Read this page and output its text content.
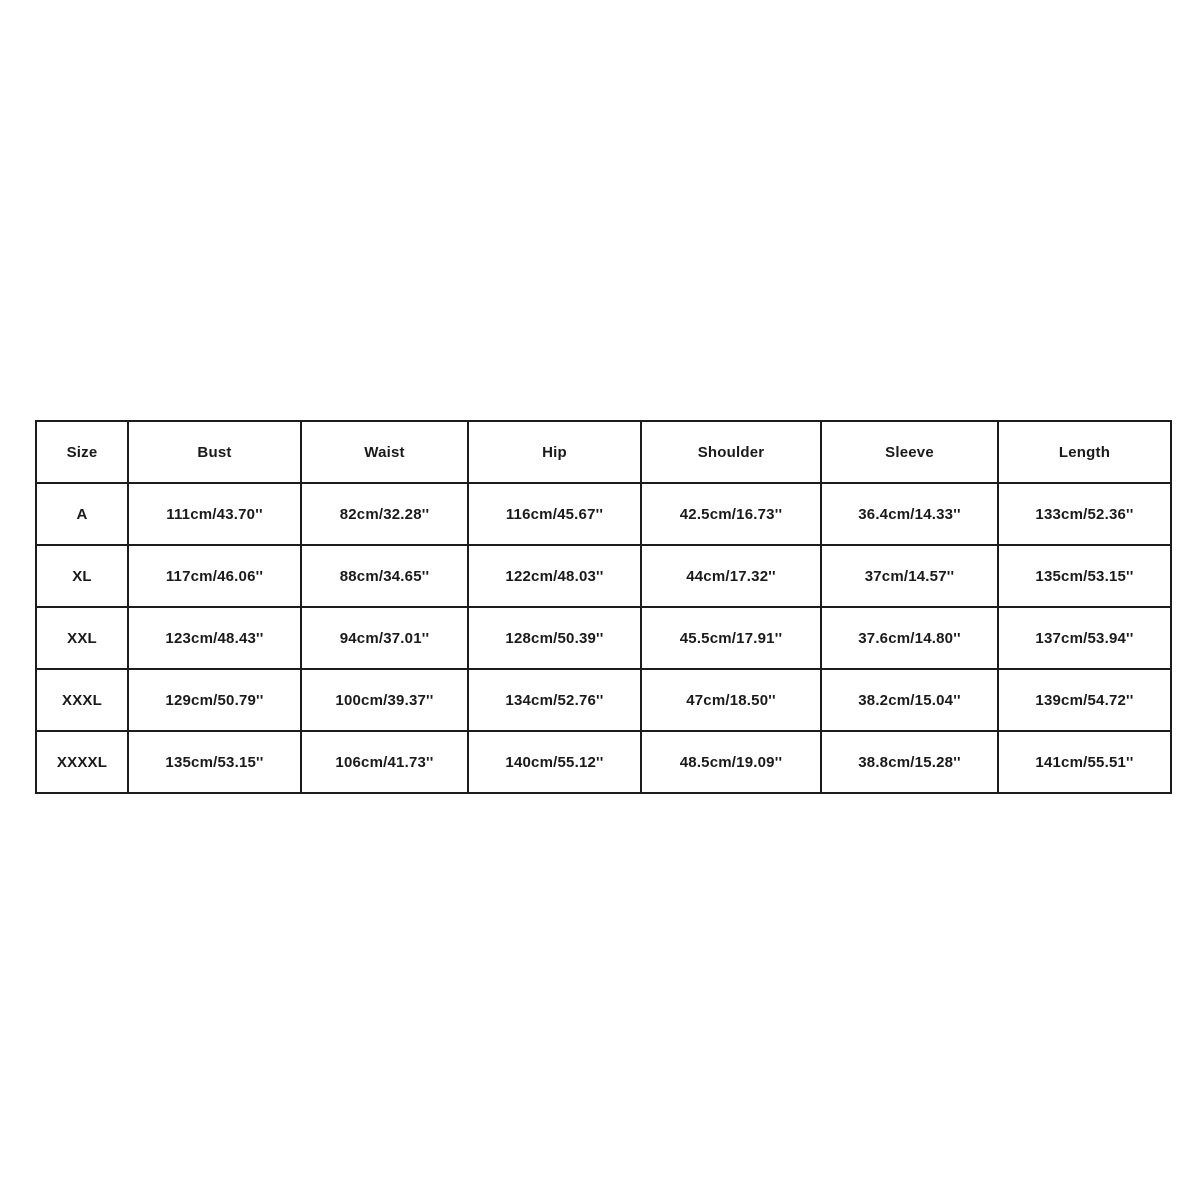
Size	Bust	Waist	Hip	Shoulder	Sleeve	Length
A	111cm/43.70''	82cm/32.28''	116cm/45.67''	42.5cm/16.73''	36.4cm/14.33''	133cm/52.36''
XL	117cm/46.06''	88cm/34.65''	122cm/48.03''	44cm/17.32''	37cm/14.57''	135cm/53.15''
XXL	123cm/48.43''	94cm/37.01''	128cm/50.39''	45.5cm/17.91''	37.6cm/14.80''	137cm/53.94''
XXXL	129cm/50.79''	100cm/39.37''	134cm/52.76''	47cm/18.50''	38.2cm/15.04''	139cm/54.72''
XXXXL	135cm/53.15''	106cm/41.73''	140cm/55.12''	48.5cm/19.09''	38.8cm/15.28''	141cm/55.51''
